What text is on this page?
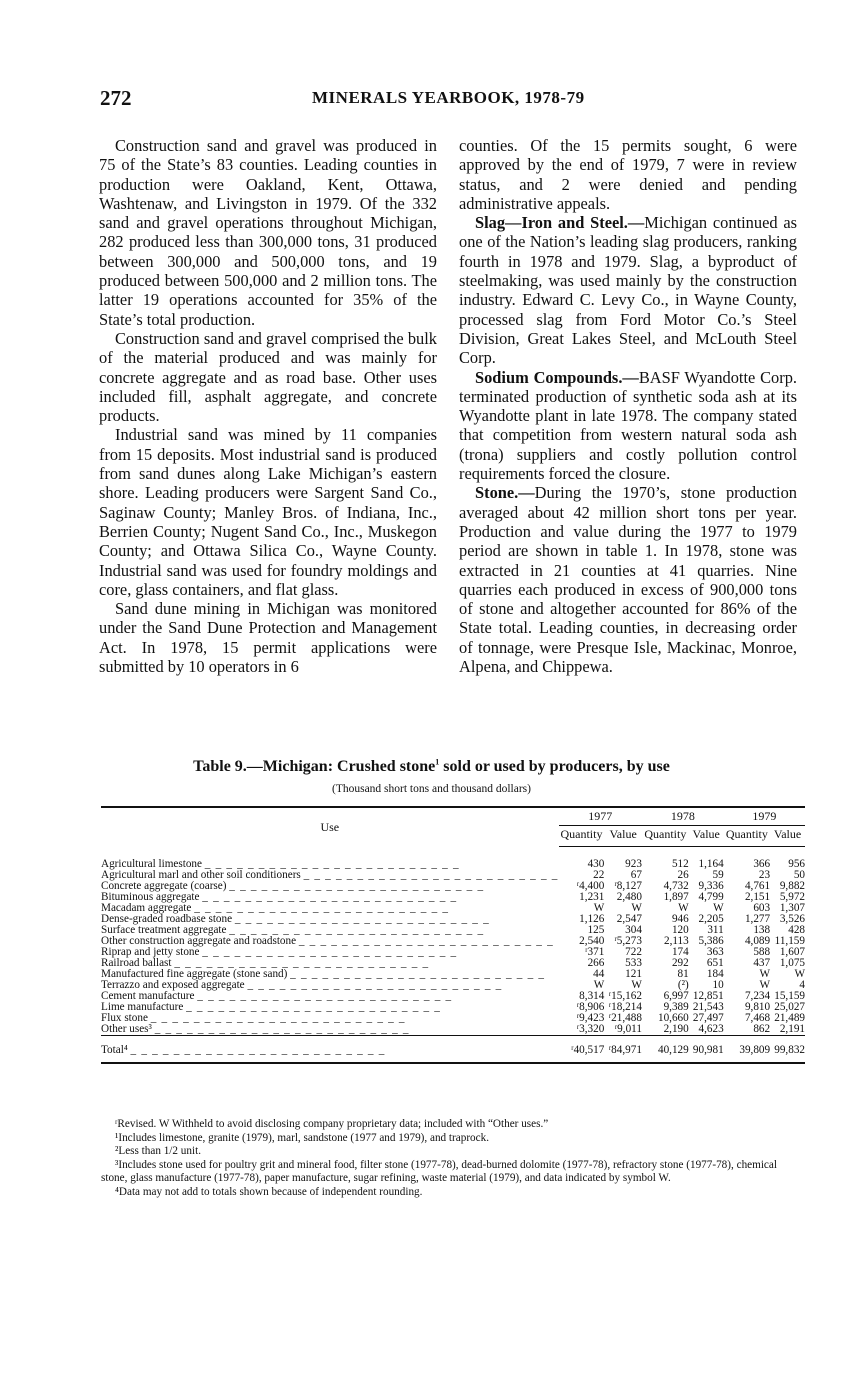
272	MINERALS YEARBOOK, 1978-79

Construction sand and gravel was produced in 75 of the State’s 83 counties. Leading counties in production were Oakland, Kent, Ottawa, Washtenaw, and Livingston in 1979. Of the 332 sand and gravel operations throughout Michigan, 282 produced less than 300,000 tons, 31 produced between 300,000 and 500,000 tons, and 19 produced between 500,000 and 2 million tons. The latter 19 operations accounted for 35% of the State’s total production.

Construction sand and gravel comprised the bulk of the material produced and was mainly for concrete aggregate and as road base. Other uses included fill, asphalt aggregate, and concrete products.

Industrial sand was mined by 11 companies from 15 deposits. Most industrial sand is produced from sand dunes along Lake Michigan’s eastern shore. Leading producers were Sargent Sand Co., Saginaw County; Manley Bros. of Indiana, Inc., Berrien County; Nugent Sand Co., Inc., Muskegon County; and Ottawa Silica Co., Wayne County. Industrial sand was used for foundry moldings and core, glass containers, and flat glass.

Sand dune mining in Michigan was monitored under the Sand Dune Protection and Management Act. In 1978, 15 permit applications were submitted by 10 operators in 6

counties. Of the 15 permits sought, 6 were approved by the end of 1979, 7 were in review status, and 2 were denied and pending administrative appeals.

Slag—Iron and Steel.—Michigan continued as one of the Nation’s leading slag producers, ranking fourth in 1978 and 1979. Slag, a byproduct of steelmaking, was used mainly by the construction industry. Edward C. Levy Co., in Wayne County, processed slag from Ford Motor Co.’s Steel Division, Great Lakes Steel, and McLouth Steel Corp.

Sodium Compounds.—BASF Wyandotte Corp. terminated production of synthetic soda ash at its Wyandotte plant in late 1978. The company stated that competition from western natural soda ash (trona) suppliers and costly pollution control requirements forced the closure.

Stone.—During the 1970’s, stone production averaged about 42 million short tons per year. Production and value during the 1977 to 1979 period are shown in table 1. In 1978, stone was extracted in 21 counties at 41 quarries. Nine quarries each produced in excess of 900,000 tons of stone and altogether accounted for 86% of the State total. Leading counties, in decreasing order of tonnage, were Presque Isle, Mackinac, Monroe, Alpena, and Chippewa.

Table 9.—Michigan: Crushed stone$^1$ sold or used by producers, by use
(Thousand short tons and thousand dollars)
Use	1977		1978		1979	
	Quantity	Value	Quantity	Value	Quantity	Value
Agricultural limestone _ _ _ _ _ _ _ _ _ _ _ _ _ _ _ _ _ _ _ _ _ _ _ _	430	923	512	1,164	366	956
Agricultural marl and other soil conditioners _ _ _ _ _ _ _ _ _ _ _ _ _ _ _ _ _ _ _ _ _ _ _ _	22	67	26	59	23	50
Concrete aggregate (coarse) _ _ _ _ _ _ _ _ _ _ _ _ _ _ _ _ _ _ _ _ _ _ _ _	ʳ4,400	ʳ8,127	4,732	9,336	4,761	9,882
Bituminous aggregate _ _ _ _ _ _ _ _ _ _ _ _ _ _ _ _ _ _ _ _ _ _ _ _	1,231	2,480	1,897	4,799	2,151	5,972
Macadam aggregate _ _ _ _ _ _ _ _ _ _ _ _ _ _ _ _ _ _ _ _ _ _ _ _	W	W	W	W	603	1,307
Dense-graded roadbase stone _ _ _ _ _ _ _ _ _ _ _ _ _ _ _ _ _ _ _ _ _ _ _ _	1,126	2,547	946	2,205	1,277	3,526
Surface treatment aggregate _ _ _ _ _ _ _ _ _ _ _ _ _ _ _ _ _ _ _ _ _ _ _ _	125	304	120	311	138	428
Other construction aggregate and roadstone _ _ _ _ _ _ _ _ _ _ _ _ _ _ _ _ _ _ _ _ _ _ _ _	2,540	ʳ5,273	2,113	5,386	4,089	11,159
Riprap and jetty stone _ _ _ _ _ _ _ _ _ _ _ _ _ _ _ _ _ _ _ _ _ _ _ _	ʳ371	722	174	363	588	1,607
Railroad ballast _ _ _ _ _ _ _ _ _ _ _ _ _ _ _ _ _ _ _ _ _ _ _ _	266	533	292	651	437	1,075
Manufactured fine aggregate (stone sand) _ _ _ _ _ _ _ _ _ _ _ _ _ _ _ _ _ _ _ _ _ _ _ _	44	121	81	184	W	W
Terrazzo and exposed aggregate _ _ _ _ _ _ _ _ _ _ _ _ _ _ _ _ _ _ _ _ _ _ _ _	W	W	(²)	10	W	4
Cement manufacture _ _ _ _ _ _ _ _ _ _ _ _ _ _ _ _ _ _ _ _ _ _ _ _	8,314	ʳ15,162	6,997	12,851	7,234	15,159
Lime manufacture _ _ _ _ _ _ _ _ _ _ _ _ _ _ _ _ _ _ _ _ _ _ _ _	ʳ8,906	ʳ18,214	9,389	21,543	9,810	25,027
Flux stone _ _ _ _ _ _ _ _ _ _ _ _ _ _ _ _ _ _ _ _ _ _ _ _	ʳ9,423	ʳ21,488	10,660	27,497	7,468	21,489
Other uses³ _ _ _ _ _ _ _ _ _ _ _ _ _ _ _ _ _ _ _ _ _ _ _ _	ʳ3,320	ʳ9,011	2,190	4,623	862	2,191
Total⁴ _ _ _ _ _ _ _ _ _ _ _ _ _ _ _ _ _ _ _ _ _ _ _ _	ʳ40,517	ʳ84,971	40,129	90,981	39,809	99,832

ʳRevised. W Withheld to avoid disclosing company proprietary data; included with “Other uses.”

¹Includes limestone, granite (1979), marl, sandstone (1977 and 1979), and traprock.

²Less than 1/2 unit.

³Includes stone used for poultry grit and mineral food, filter stone (1977-78), dead-burned dolomite (1977-78), refractory stone (1977-78), chemical stone, glass manufacture (1977-78), paper manufacture, sugar refining, waste material (1979), and data indicated by symbol W.

⁴Data may not add to totals shown because of independent rounding.
